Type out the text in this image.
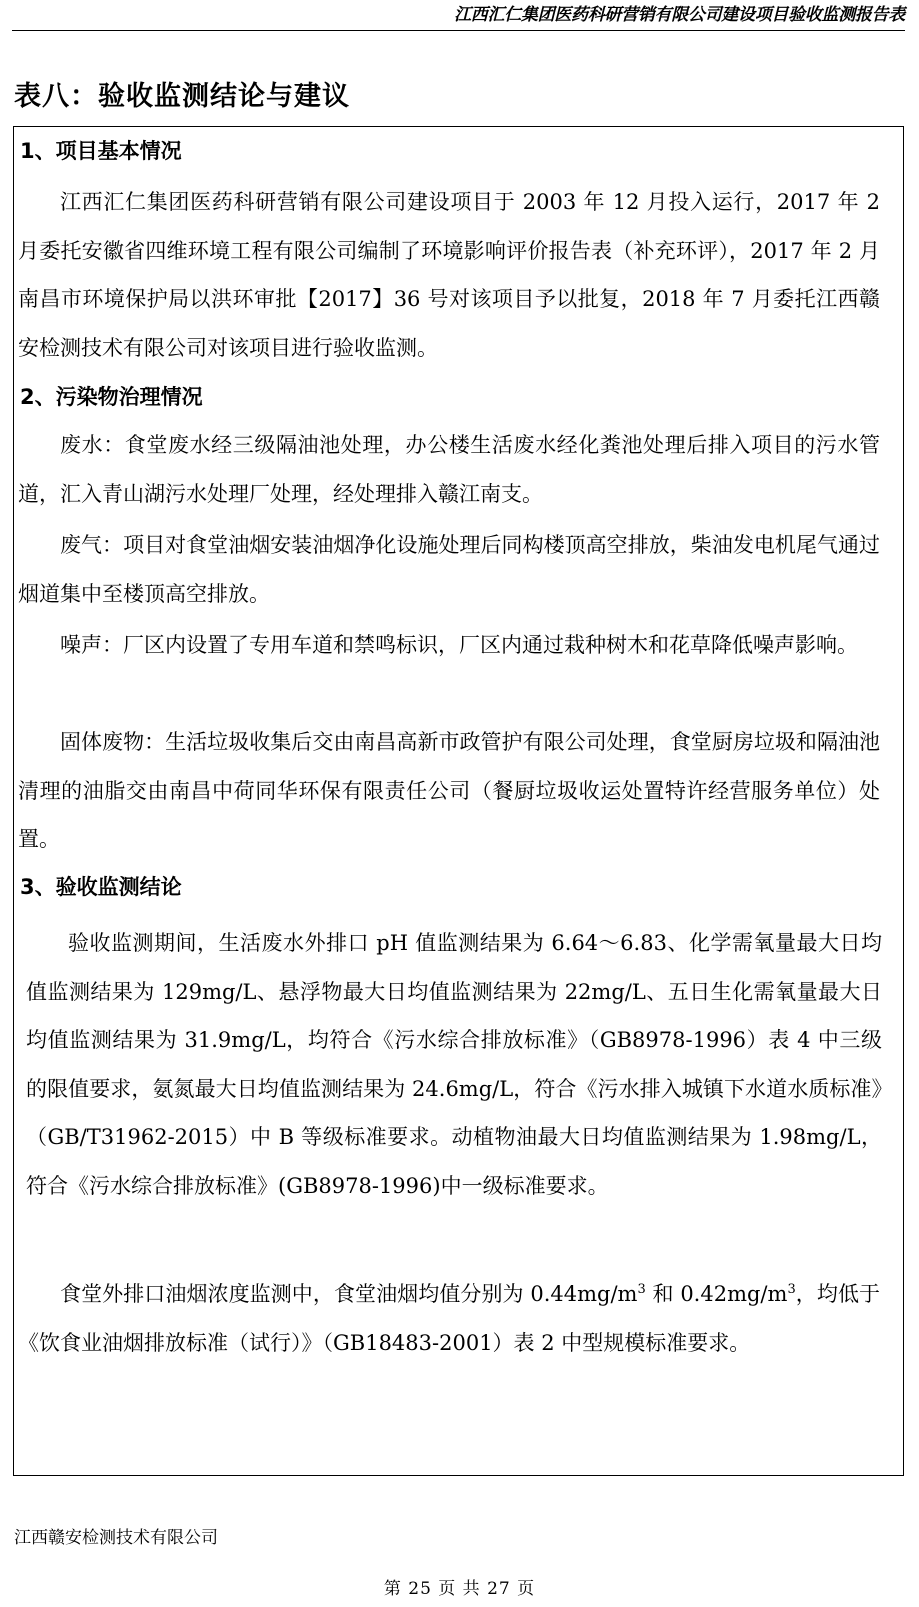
江西汇仁集团医药科研营销有限公司建设项目验收监测报告表
表八：验收监测结论与建议
1、项目基本情况

江西汇仁集团医药科研营销有限公司建设项目于 2003 年 12 月投入运行，2017 年 2 月委托安徽省四维环境工程有限公司编制了环境影响评价报告表（补充环评），2017 年 2 月南昌市环境保护局以洪环审批【2017】36 号对该项目予以批复，2018 年 7 月委托江西赣安检测技术有限公司对该项目进行验收监测。

2、污染物治理情况

废水：食堂废水经三级隔油池处理，办公楼生活废水经化粪池处理后排入项目的污水管道，汇入青山湖污水处理厂处理，经处理排入赣江南支。

废气：项目对食堂油烟安装油烟净化设施处理后同构楼顶高空排放，柴油发电机尾气通过烟道集中至楼顶高空排放。

噪声：厂区内设置了专用车道和禁鸣标识，厂区内通过栽种树木和花草降低噪声影响。

固体废物：生活垃圾收集后交由南昌高新市政管护有限公司处理，食堂厨房垃圾和隔油池清理的油脂交由南昌中荷同华环保有限责任公司（餐厨垃圾收运处置特许经营服务单位）处置。

3、验收监测结论

验收监测期间，生活废水外排口 pH 值监测结果为 6.64～6.83、化学需氧量最大日均值监测结果为 129mg/L、悬浮物最大日均值监测结果为 22mg/L、五日生化需氧量最大日均值监测结果为 31.9mg/L，均符合《污水综合排放标准》（GB8978-1996）表 4 中三级的限值要求，氨氮最大日均值监测结果为 24.6mg/L，符合《污水排入城镇下水道水质标准》（GB/T31962-2015）中 B 等级标准要求。动植物油最大日均值监测结果为 1.98mg/L，符合《污水综合排放标准》(GB8978-1996)中一级标准要求。

食堂外排口油烟浓度监测中，食堂油烟均值分别为 $0.44mg/m^3$ 和 $0.42mg/m^3$，均低于《饮食业油烟排放标准（试行）》（GB18483-2001）表 2 中型规模标准要求。

江西赣安检测技术有限公司
第 25 页 共 27 页
